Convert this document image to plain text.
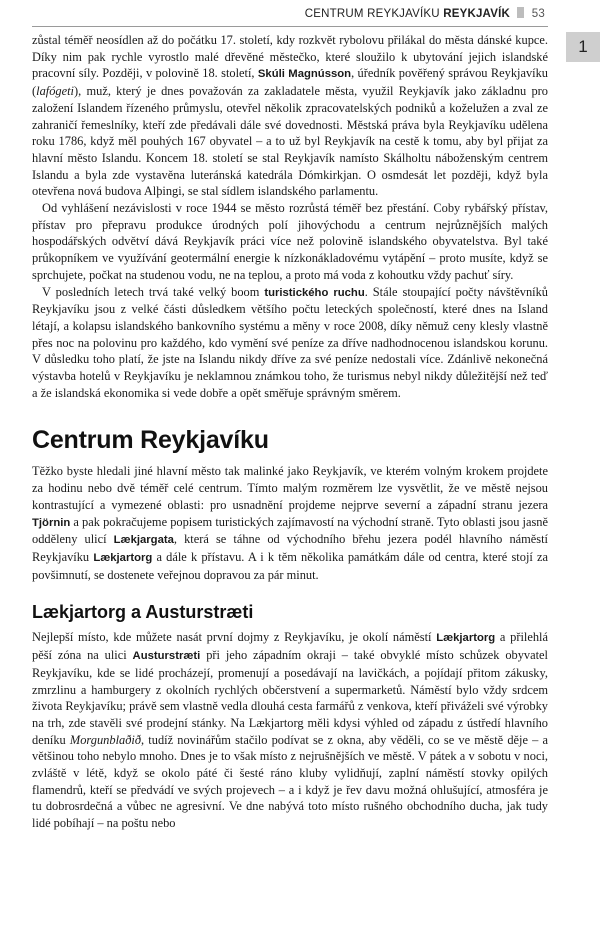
CENTRUM REYKJAVÍKU REYKJAVÍK 53
1

zůstal téměř neosídlen až do počátku 17. století, kdy rozkvět rybolovu přilákal do města dánské kupce. Díky nim pak rychle vyrostlo malé dřevěné městečko, které sloužilo k ubytování jejich islandské pracovní síly. Později, v polovině 18. století, Skúli Magnússon, úředník pověřený správou Reykjavíku (lafógeti), muž, který je dnes považován za zakladatele města, využil Reykjavík jako základnu pro založení Islandem řízeného průmyslu, otevřel několik zpracovatelských podniků a koželužen a zval ze zahraničí řemeslníky, kteří zde předávali dále své dovednosti. Městská práva byla Reykjavíku udělena roku 1786, když měl pouhých 167 obyvatel – a to už byl Reykjavík na cestě k tomu, aby byl přijat za hlavní město Islandu. Koncem 18. století se stal Reykjavík namísto Skálholtu náboženským centrem Islandu a byla zde vystavěna luteránská katedrála Dómkirkjan. O osmdesát let později, když byla otevřena nová budova Alþingi, se stal sídlem islandského parlamentu.

Od vyhlášení nezávislosti v roce 1944 se město rozrůstá téměř bez přestání. Coby rybářský přístav, přístav pro přepravu produkce úrodných polí jihovýchodu a centrum nejrůznějších malých hospodářských odvětví dává Reykjavík práci více než polovině islandského obyvatelstva. Byl také průkopníkem ve využívání geotermální energie k nízkonákladovému vytápění – proto musíte, když se sprchujete, počkat na studenou vodu, ne na teplou, a proto má voda z kohoutku vždy pachuť síry.

V posledních letech trvá také velký boom turistického ruchu. Stále stoupající počty návštěvníků Reykjavíku jsou z velké části důsledkem většího počtu leteckých společností, které dnes na Island létají, a kolapsu islandského bankovního systému a měny v roce 2008, díky němuž ceny klesly vlastně přes noc na polovinu pro každého, kdo vymění své peníze za dříve nadhodnocenou islandskou korunu. V důsledku toho platí, že jste na Islandu nikdy dříve za své peníze nedostali více. Zdánlivě nekonečná výstavba hotelů v Reykjavíku je neklamnou známkou toho, že turismus nebyl nikdy důležitější než teď a že islandská ekonomika si vede dobře a opět směřuje správným směrem.

Centrum Reykjavíku

Těžko byste hledali jiné hlavní město tak malinké jako Reykjavík, ve kterém volným krokem projdete za hodinu nebo dvě téměř celé centrum. Tímto malým rozměrem lze vysvětlit, že ve městě nejsou kontrastující a vymezené oblasti: pro usnadnění projdeme nejprve severní a západní stranu jezera Tjörnin a pak pokračujeme popisem turistických zajímavostí na východní straně. Tyto oblasti jsou jasně odděleny ulicí Lækjargata, která se táhne od východního břehu jezera podél hlavního náměstí Reykjavíku Lækjartorg a dále k přístavu. A i k těm několika památkám dále od centra, které stojí za povšimnutí, se dostenete veřejnou dopravou za pár minut.

Lækjartorg a Austurstræti

Nejlepší místo, kde můžete nasát první dojmy z Reykjavíku, je okolí náměstí Lækjartorg a přilehlá pěší zóna na ulici Austurstræti při jeho západním okraji – také obvyklé místo schůzek obyvatel Reykjavíku, kde se lidé procházejí, promenují a posedávají na lavičkách, a pojídají přitom zákusky, zmrzlinu a hamburgery z okolních rychlých občerstvení a supermarketů. Náměstí bylo vždy srdcem života Reykjavíku; právě sem vlastně vedla dlouhá cesta farmářů z venkova, kteří přiváželi své výrobky na trh, zde stavěli své prodejní stánky. Na Lækjartorg měli kdysi výhled od západu z ústředí hlavního deníku Morgunblaðið, tudíž novinářům stačilo podívat se z okna, aby věděli, co se ve městě děje – a většinou toho nebylo mnoho. Dnes je to však místo z nejrušnějších ve městě. V pátek a v sobotu v noci, zvláště v létě, když se okolo páté či šesté ráno kluby vylidňují, zaplní náměstí stovky opilých flamendrů, kteří se předvádí ve svých projevech – a i když je řev davu možná ohlušující, atmosféra je tu dobrosrdečná a vůbec ne agresivní. Ve dne nabývá toto místo rušného obchodního ducha, jak tudy lidé pobíhají – na poštu nebo
